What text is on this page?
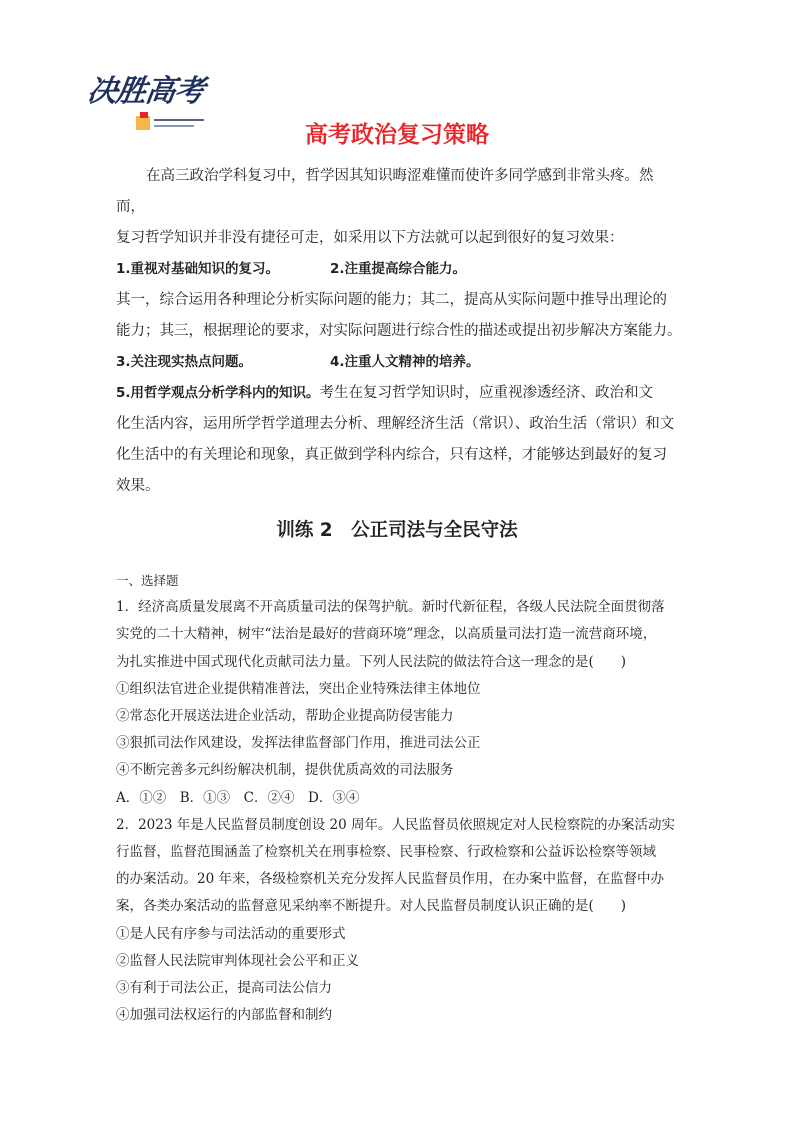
决胜高考
高考政治复习策略

在高三政治学科复习中，哲学因其知识晦涩难懂而使许多同学感到非常头疼。然而，

复习哲学知识并非没有捷径可走，如采用以下方法就可以起到很好的复习效果：

1.重视对基础知识的复习。	2.注重提高综合能力。

其一，综合运用各种理论分析实际问题的能力；其二，提高从实际问题中推导出理论的

能力；其三，根据理论的要求，对实际问题进行综合性的描述或提出初步解决方案能力。

3.关注现实热点问题。	4.注重人文精神的培养。

5.用哲学观点分析学科内的知识。考生在复习哲学知识时，应重视渗透经济、政治和文

化生活内容，运用所学哲学道理去分析、理解经济生活（常识）、政治生活（常识）和文

化生活中的有关理论和现象，真正做到学科内综合，只有这样，才能够达到最好的复习

效果。

训练 2　公正司法与全民守法

一、选择题

1．经济高质量发展离不开高质量司法的保驾护航。新时代新征程，各级人民法院全面贯彻落

实党的二十大精神，树牢“法治是最好的营商环境”理念，以高质量司法打造一流营商环境，

为扎实推进中国式现代化贡献司法力量。下列人民法院的做法符合这一理念的是(　　)

①组织法官进企业提供精准普法，突出企业特殊法律主体地位

②常态化开展送法进企业活动，帮助企业提高防侵害能力

③狠抓司法作风建设，发挥法律监督部门作用，推进司法公正

④不断完善多元纠纷解决机制，提供优质高效的司法服务

A．①②　B．①③　C．②④　D．③④

2．2023 年是人民监督员制度创设 20 周年。人民监督员依照规定对人民检察院的办案活动实

行监督，监督范围涵盖了检察机关在刑事检察、民事检察、行政检察和公益诉讼检察等领域

的办案活动。20 年来，各级检察机关充分发挥人民监督员作用，在办案中监督，在监督中办

案，各类办案活动的监督意见采纳率不断提升。对人民监督员制度认识正确的是(　　)

①是人民有序参与司法活动的重要形式

②监督人民法院审判体现社会公平和正义

③有利于司法公正，提高司法公信力

④加强司法权运行的内部监督和制约
